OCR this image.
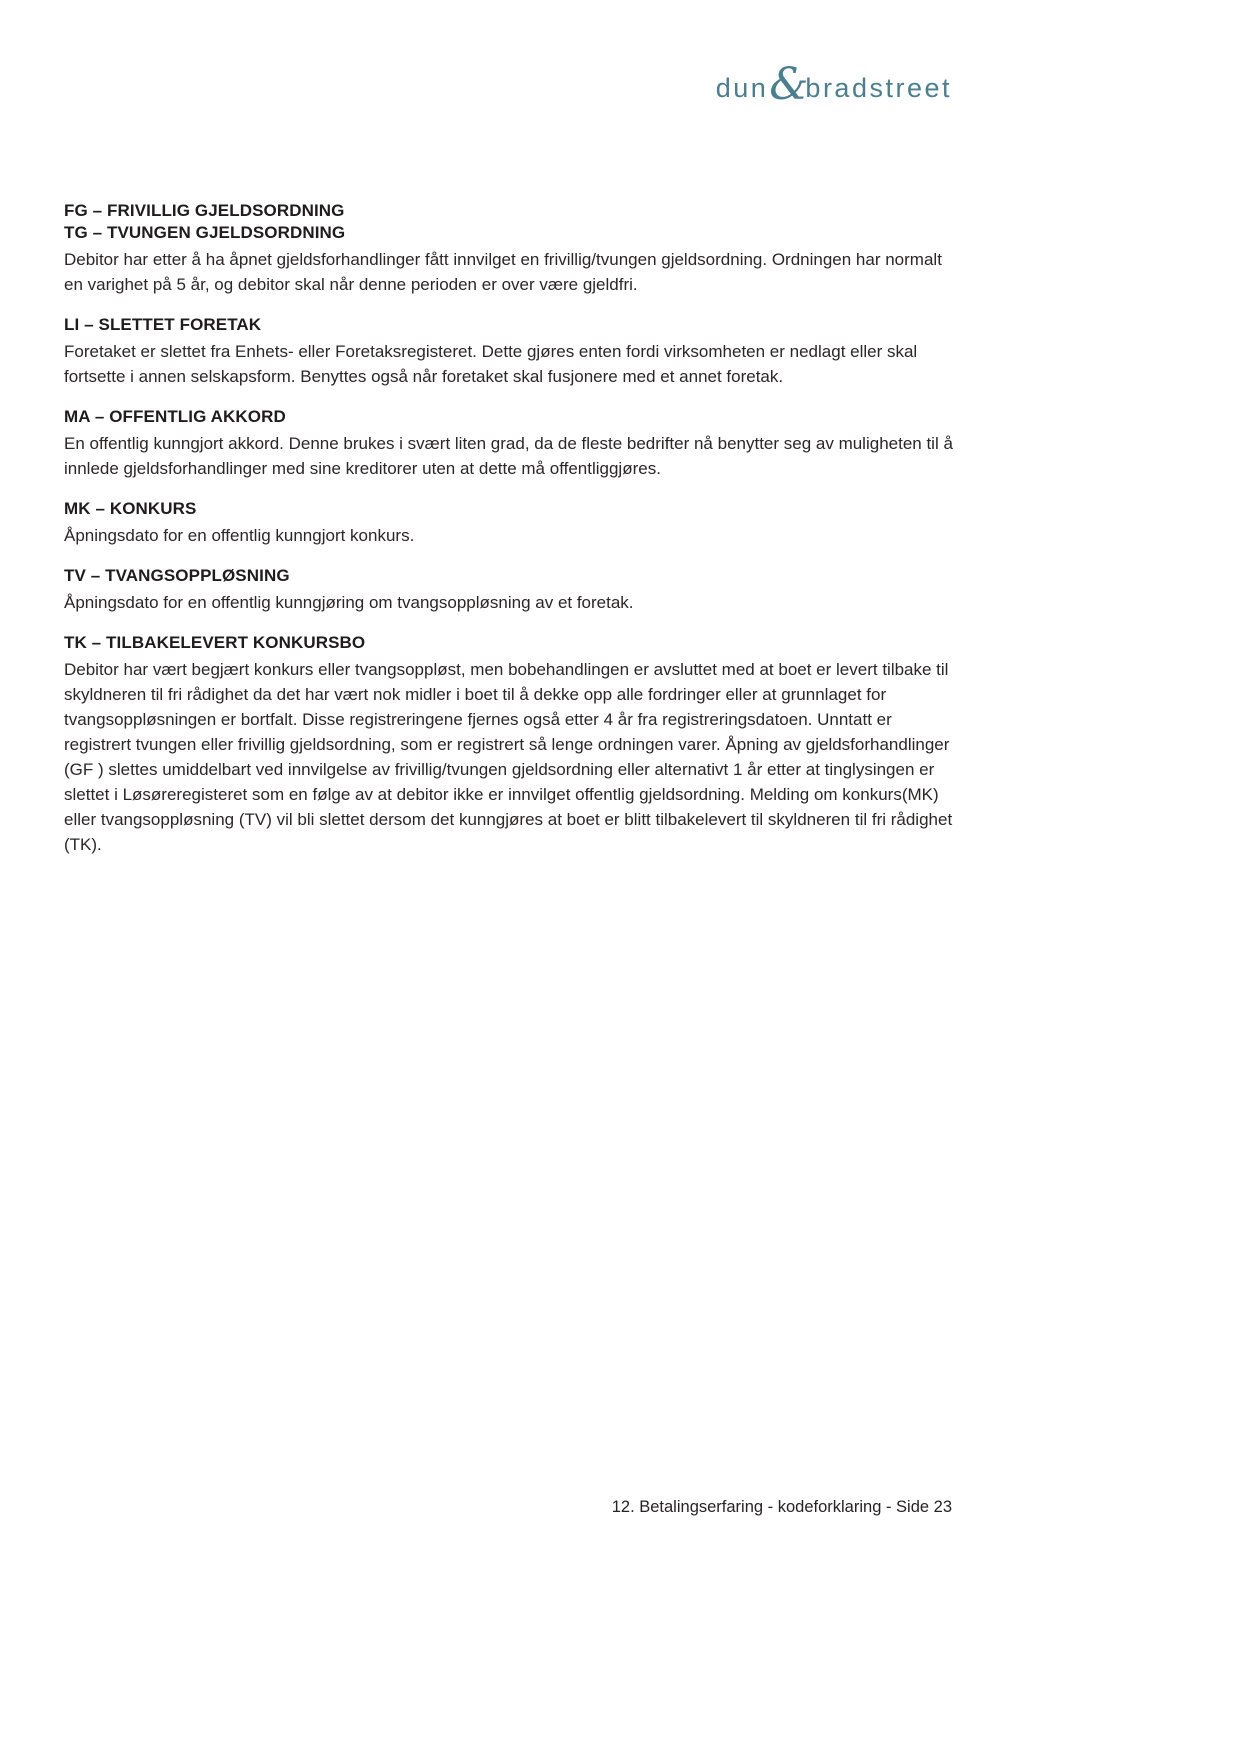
dun &
bradstreet
FG – FRIVILLIG GJELDSORDNING
TG – TVUNGEN GJELDSORDNING

Debitor har etter å ha åpnet gjeldsforhandlinger fått innvilget en frivillig/tvungen gjeldsordning. Ordningen har normalt en varighet på 5 år, og debitor skal når denne perioden er over være gjeldfri.

LI – SLETTET FORETAK

Foretaket er slettet fra Enhets- eller Foretaksregisteret. Dette gjøres enten fordi virksomheten er nedlagt eller skal fortsette i annen selskapsform. Benyttes også når foretaket skal fusjonere med et annet foretak.

MA – OFFENTLIG AKKORD

En offentlig kunngjort akkord. Denne brukes i svært liten grad, da de fleste bedrifter nå benytter seg av muligheten til å innlede gjeldsforhandlinger med sine kreditorer uten at dette må offentliggjøres.

MK – KONKURS

Åpningsdato for en offentlig kunngjort konkurs.

TV – TVANGSOPPLØSNING

Åpningsdato for en offentlig kunngjøring om tvangsoppløsning av et foretak.

TK – TILBAKELEVERT KONKURSBO

Debitor har vært begjært konkurs eller tvangsoppløst, men bobehandlingen er avsluttet med at boet er levert tilbake til skyldneren til fri rådighet da det har vært nok midler i boet til å dekke opp alle fordringer eller at grunnlaget for tvangsoppløsningen er bortfalt. Disse registreringene fjernes også etter 4 år fra registreringsdatoen. Unntatt er registrert tvungen eller frivillig gjeldsordning, som er registrert så lenge ordningen varer. Åpning av gjeldsforhandlinger (GF ) slettes umiddelbart ved innvilgelse av frivillig/tvungen gjeldsordning eller alternativt 1 år etter at tinglysingen er slettet i Løsøreregisteret som en følge av at debitor ikke er innvilget offentlig gjeldsordning. Melding om konkurs(MK) eller tvangsoppløsning (TV) vil bli slettet dersom det kunngjøres at boet er blitt tilbakelevert til skyldneren til fri rådighet (TK).

12. Betalingserfaring - kodeforklaring - Side 23
